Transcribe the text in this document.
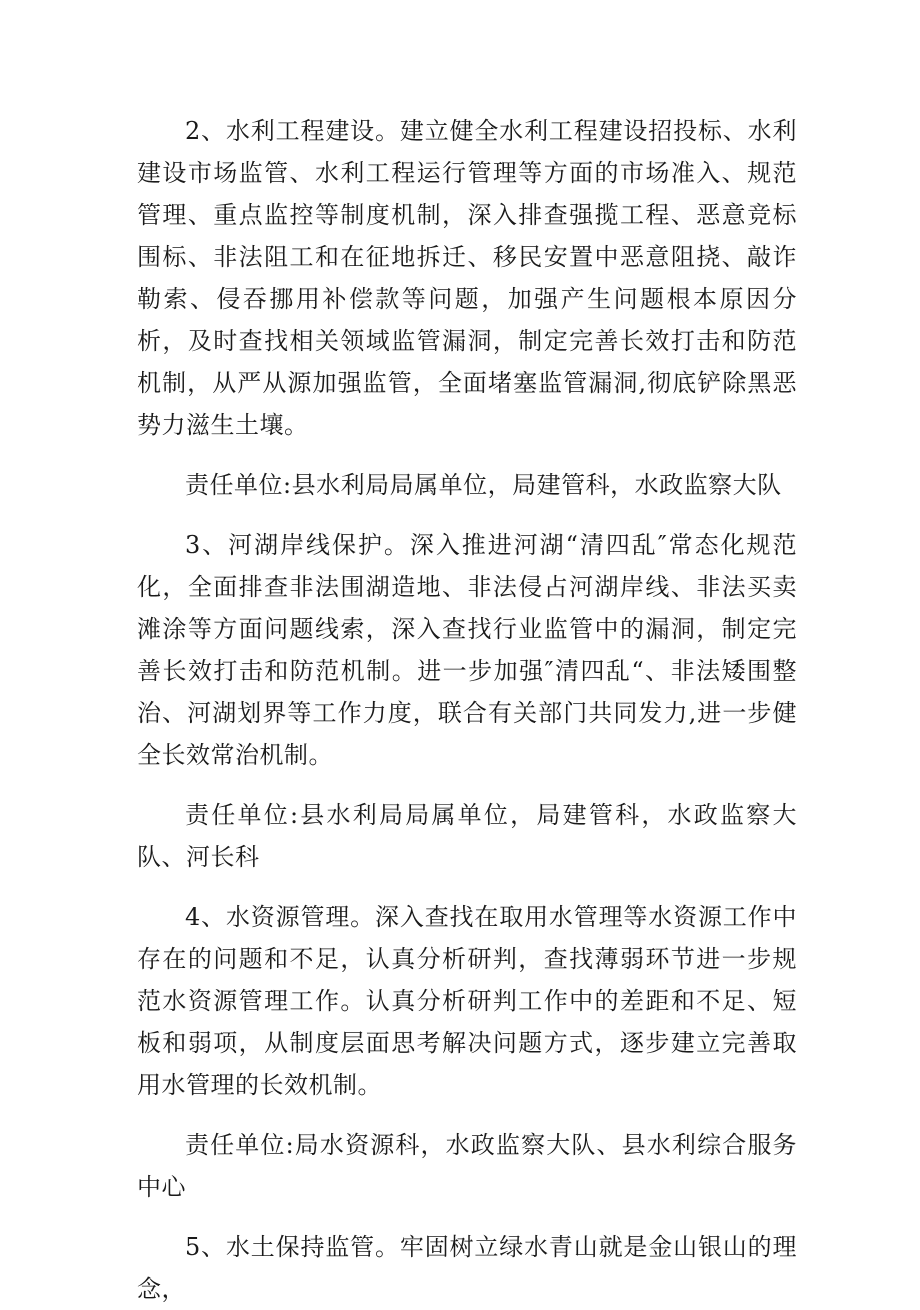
2、水利工程建设。建立健全水利工程建设招投标、水利建设市场监管、水利工程运行管理等方面的市场准入、规范管理、重点监控等制度机制，深入排查强揽工程、恶意竞标围标、非法阻工和在征地拆迁、移民安置中恶意阻挠、敲诈勒索、侵吞挪用补偿款等问题，加强产生问题根本原因分析，及时查找相关领域监管漏洞，制定完善长效打击和防范机制，从严从源加强监管，全面堵塞监管漏洞,彻底铲除黑恶势力滋生土壤。

责任单位:县水利局局属单位，局建管科，水政监察大队

3、河湖岸线保护。深入推进河湖“清四乱″常态化规范化，全面排查非法围湖造地、非法侵占河湖岸线、非法买卖滩涂等方面问题线索，深入查找行业监管中的漏洞，制定完善长效打击和防范机制。进一步加强″清四乱“、非法矮围整治、河湖划界等工作力度，联合有关部门共同发力,进一步健全长效常治机制。

责任单位:县水利局局属单位，局建管科，水政监察大队、河长科

4、水资源管理。深入查找在取用水管理等水资源工作中存在的问题和不足，认真分析研判，查找薄弱环节进一步规范水资源管理工作。认真分析研判工作中的差距和不足、短板和弱项，从制度层面思考解决问题方式，逐步建立完善取用水管理的长效机制。

责任单位:局水资源科，水政监察大队、县水利综合服务中心

5、水土保持监管。牢固树立绿水青山就是金山银山的理念，
